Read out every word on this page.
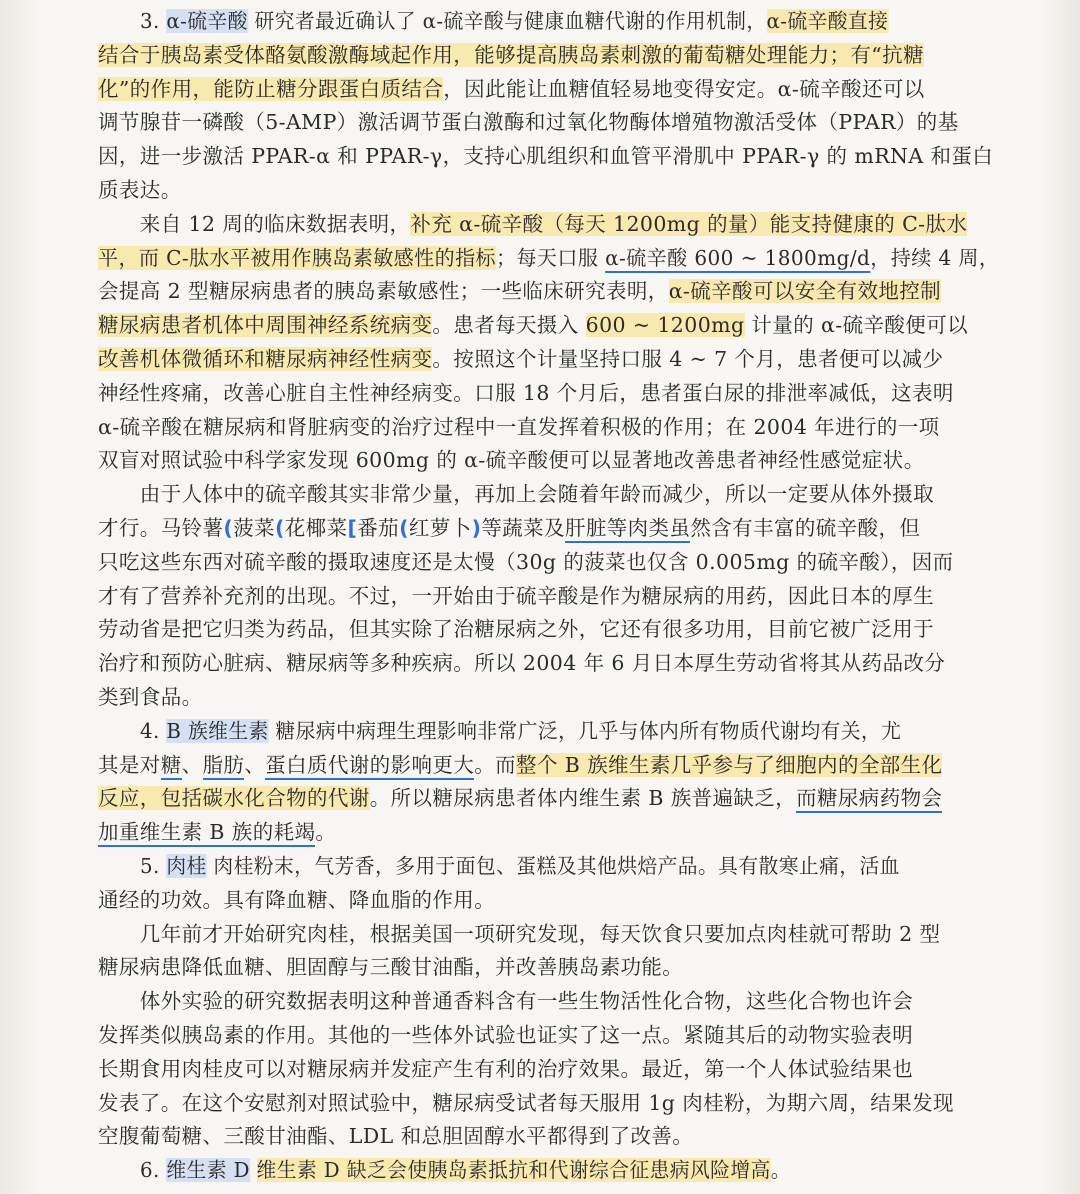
3. α-硫辛酸 研究者最近确认了 α-硫辛酸与健康血糖代谢的作用机制，α-硫辛酸直接
结合于胰岛素受体酪氨酸激酶域起作用，能够提高胰岛素刺激的葡萄糖处理能力；有“抗糖
化”的作用，能防止糖分跟蛋白质结合，因此能让血糖值轻易地变得安定。α-硫辛酸还可以
调节腺苷一磷酸（5-AMP）激活调节蛋白激酶和过氧化物酶体增殖物激活受体（PPAR）的基
因，进一步激活 PPAR-α 和 PPAR-γ，支持心肌组织和血管平滑肌中 PPAR-γ 的 mRNA 和蛋白
质表达。
　　来自 12 周的临床数据表明，补充 α-硫辛酸（每天 1200mg 的量）能支持健康的 C-肽水
平，而 C-肽水平被用作胰岛素敏感性的指标；每天口服 α-硫辛酸 600 ~ 1800mg/d，持续 4 周，
会提高 2 型糖尿病患者的胰岛素敏感性；一些临床研究表明，α-硫辛酸可以安全有效地控制
糖尿病患者机体中周围神经系统病变。患者每天摄入 600 ~ 1200mg 计量的 α-硫辛酸便可以
改善机体微循环和糖尿病神经性病变。按照这个计量坚持口服 4 ~ 7 个月，患者便可以减少
神经性疼痛，改善心脏自主性神经病变。口服 18 个月后，患者蛋白尿的排泄率减低，这表明
α-硫辛酸在糖尿病和肾脏病变的治疗过程中一直发挥着积极的作用；在 2004 年进行的一项
双盲对照试验中科学家发现 600mg 的 α-硫辛酸便可以显著地改善患者神经性感觉症状。
　　由于人体中的硫辛酸其实非常少量，再加上会随着年龄而减少，所以一定要从体外摄取
才行。马铃薯(菠菜(花椰菜[番茄(红萝卜)等蔬菜及肝脏等肉类虽然含有丰富的硫辛酸，但
只吃这些东西对硫辛酸的摄取速度还是太慢（30g 的菠菜也仅含 0.005mg 的硫辛酸），因而
才有了营养补充剂的出现。不过，一开始由于硫辛酸是作为糖尿病的用药，因此日本的厚生
劳动省是把它归类为药品，但其实除了治糖尿病之外，它还有很多功用，目前它被广泛用于
治疗和预防心脏病、糖尿病等多种疾病。所以 2004 年 6 月日本厚生劳动省将其从药品改分
类到食品。
4. B 族维生素 糖尿病中病理生理影响非常广泛，几乎与体内所有物质代谢均有关，尤
其是对糖、脂肪、蛋白质代谢的影响更大。而整个 B 族维生素几乎参与了细胞内的全部生化
反应，包括碳水化合物的代谢。所以糖尿病患者体内维生素 B 族普遍缺乏，而糖尿病药物会
加重维生素 B 族的耗竭。
5. 肉桂 肉桂粉末，气芳香，多用于面包、蛋糕及其他烘焙产品。具有散寒止痛，活血
通经的功效。具有降血糖、降血脂的作用。
　　几年前才开始研究肉桂，根据美国一项研究发现，每天饮食只要加点肉桂就可帮助 2 型
糖尿病患降低血糖、胆固醇与三酸甘油酯，并改善胰岛素功能。
　　体外实验的研究数据表明这种普通香料含有一些生物活性化合物，这些化合物也许会
发挥类似胰岛素的作用。其他的一些体外试验也证实了这一点。紧随其后的动物实验表明
长期食用肉桂皮可以对糖尿病并发症产生有利的治疗效果。最近，第一个人体试验结果也
发表了。在这个安慰剂对照试验中，糖尿病受试者每天服用 1g 肉桂粉，为期六周，结果发现
空腹葡萄糖、三酸甘油酯、LDL 和总胆固醇水平都得到了改善。
6. 维生素 D 维生素 D 缺乏会使胰岛素抵抗和代谢综合征患病风险增高。
